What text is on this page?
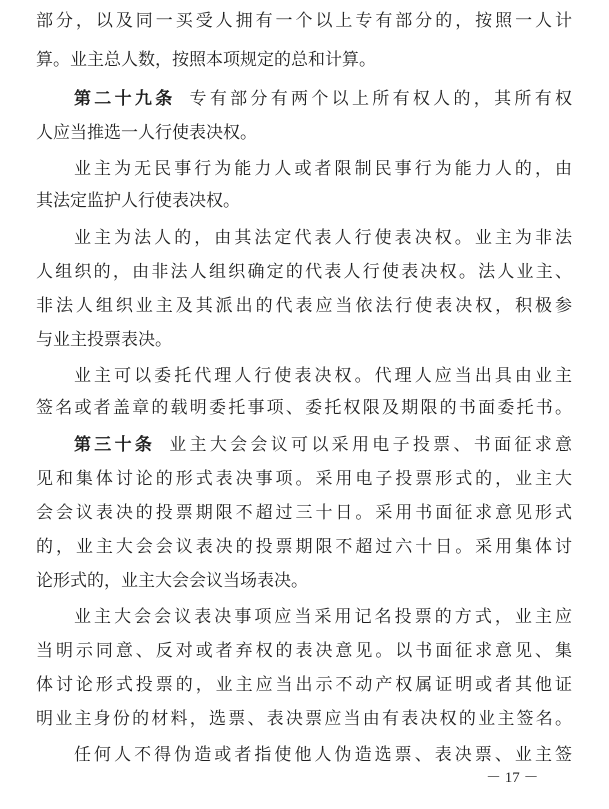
部分，以及同一买受人拥有一个以上专有部分的，按照一人计
算。业主总人数，按照本项规定的总和计算。
第二十九条 专有部分有两个以上所有权人的，其所有权
人应当推选一人行使表决权。
业主为无民事行为能力人或者限制民事行为能力人的，由
其法定监护人行使表决权。
业主为法人的，由其法定代表人行使表决权。业主为非法
人组织的，由非法人组织确定的代表人行使表决权。法人业主、
非法人组织业主及其派出的代表应当依法行使表决权，积极参
与业主投票表决。
业主可以委托代理人行使表决权。代理人应当出具由业主
签名或者盖章的载明委托事项、委托权限及期限的书面委托书。
第三十条 业主大会会议可以采用电子投票、书面征求意
见和集体讨论的形式表决事项。采用电子投票形式的，业主大
会会议表决的投票期限不超过三十日。采用书面征求意见形式
的，业主大会会议表决的投票期限不超过六十日。采用集体讨
论形式的，业主大会会议当场表决。
业主大会会议表决事项应当采用记名投票的方式，业主应
当明示同意、反对或者弃权的表决意见。以书面征求意见、集
体讨论形式投票的，业主应当出示不动产权属证明或者其他证
明业主身份的材料，选票、表决票应当由有表决权的业主签名。
任何人不得伪造或者指使他人伪造选票、表决票、业主签
－ 17 －
